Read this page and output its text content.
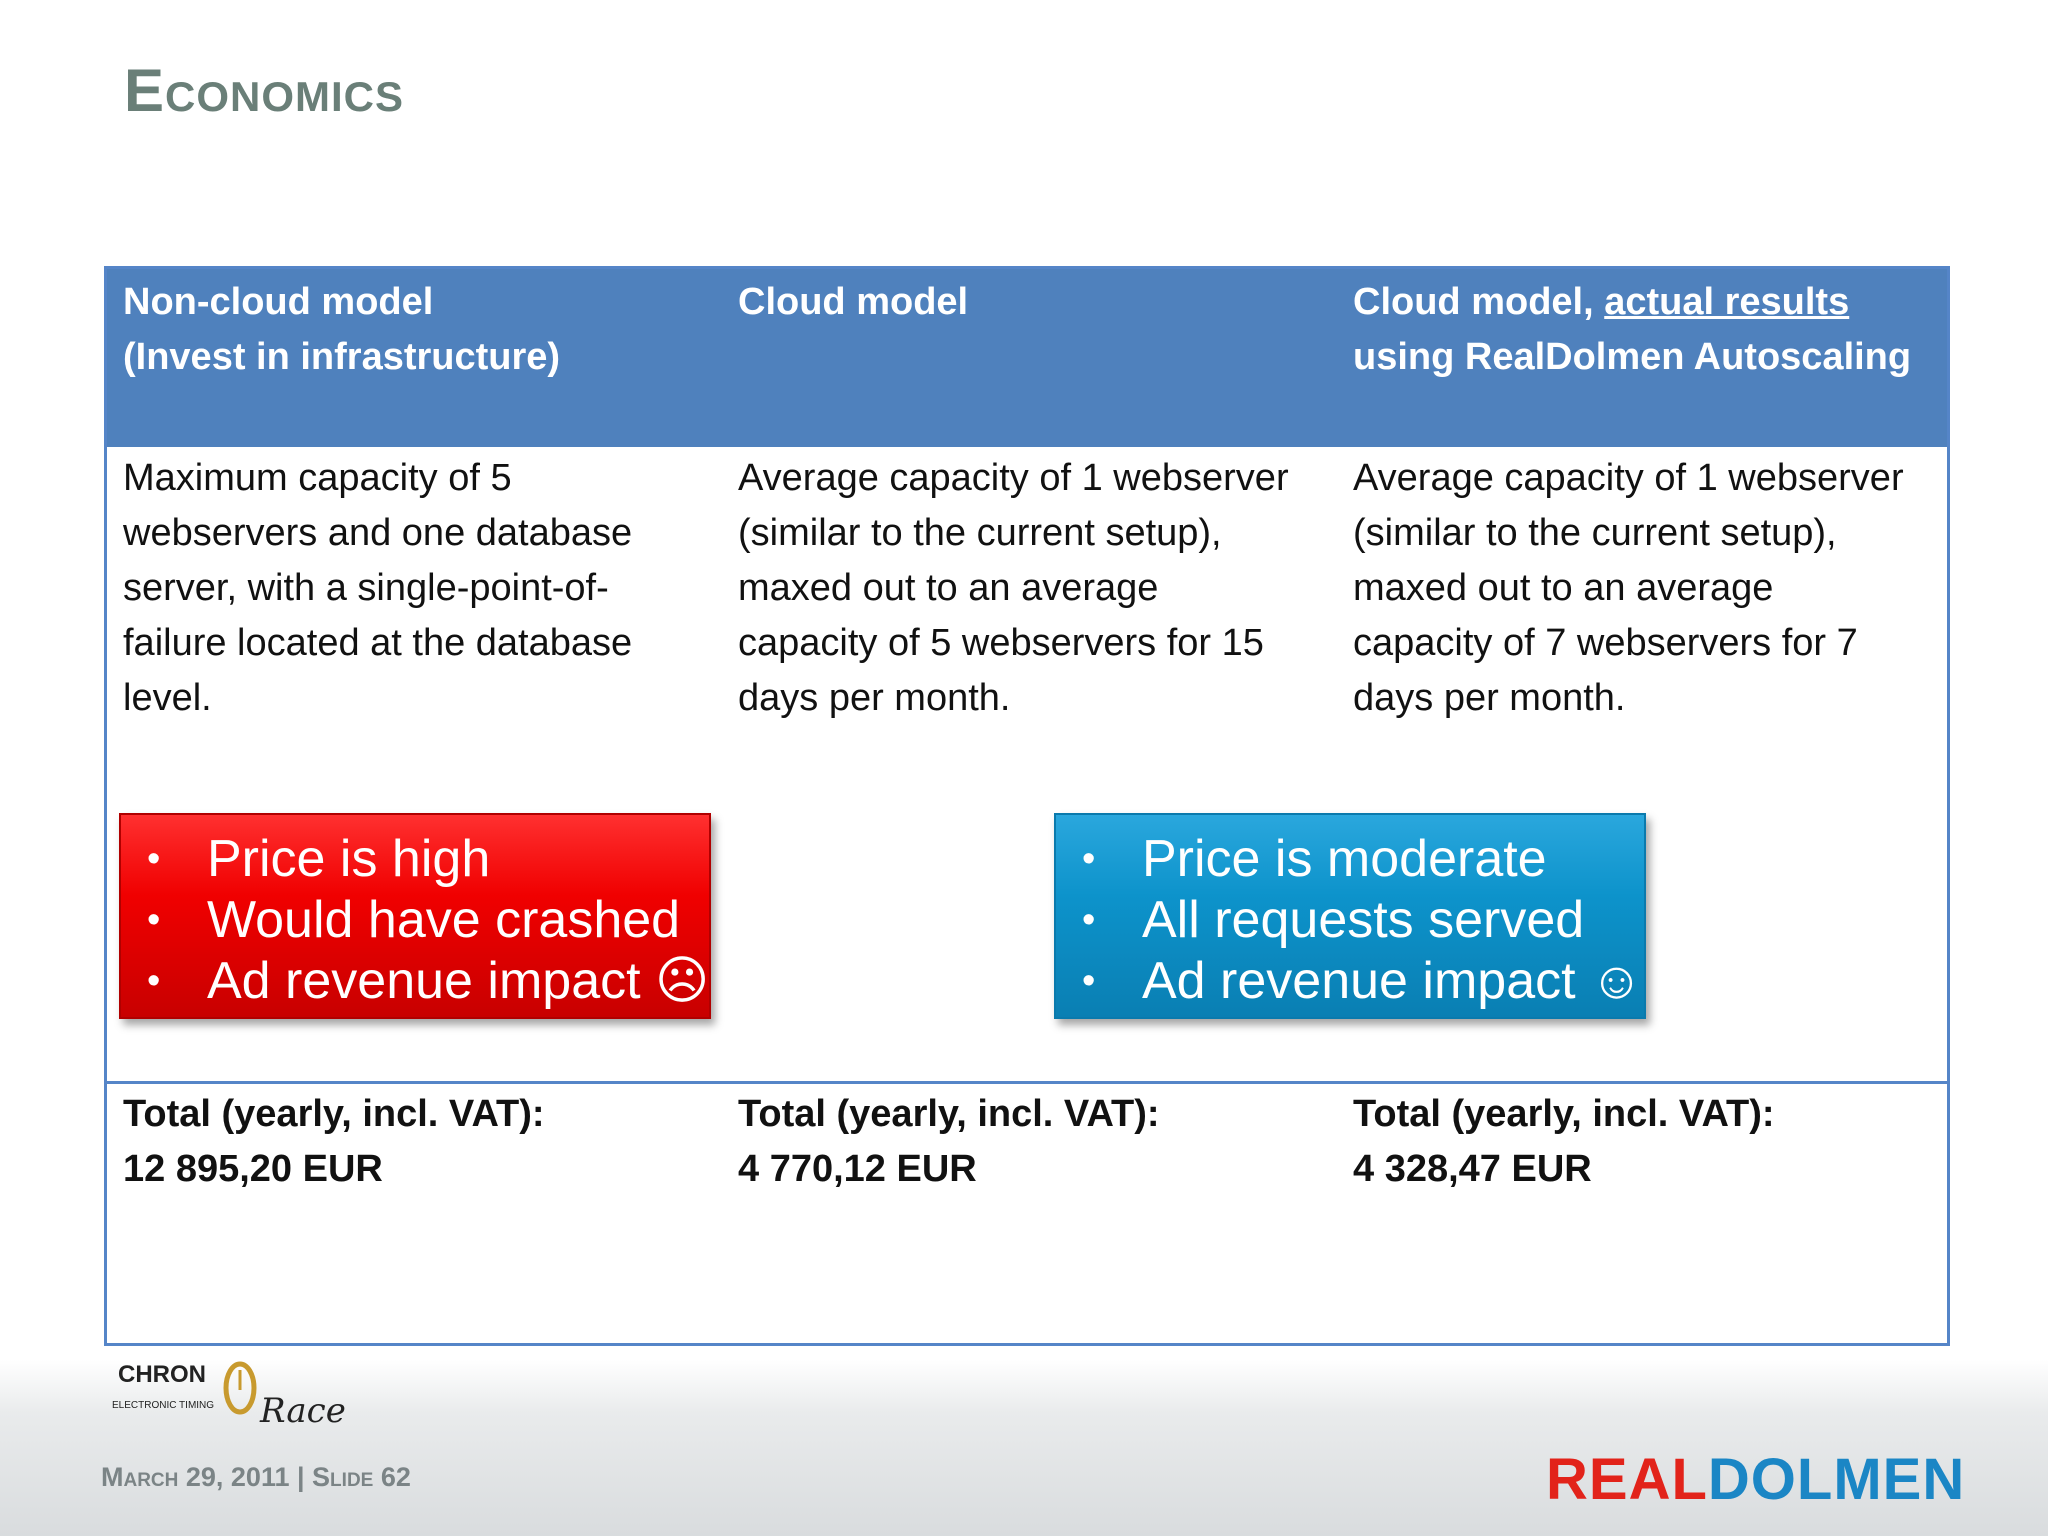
Economics
Non-cloud model
(Invest in infrastructure)
Cloud model	Cloud model, actual results
using RealDolmen Autoscaling
Maximum capacity of 5
webservers and one database
server, with a single-point-of-
failure located at the database
level.
Average capacity of 1 webserver
(similar to the current setup),
maxed out to an average
capacity of 5 webservers for 15
days per month.
Average capacity of 1 webserver
(similar to the current setup),
maxed out to an average
capacity of 7 webservers for 7
days per month.
Total (yearly, incl. VAT):
12 895,20 EUR
Total (yearly, incl. VAT):
4 770,12 EUR
Total (yearly, incl. VAT):
4 328,47 EUR
• Price is high
• Would have crashed
• Ad revenue impact ☹
• Price is moderate
• All requests served
• Ad revenue impact ☺
CHRON
ELECTRONIC TIMING Race
March 29, 2011 | Slide 62	REALDOLMEN
